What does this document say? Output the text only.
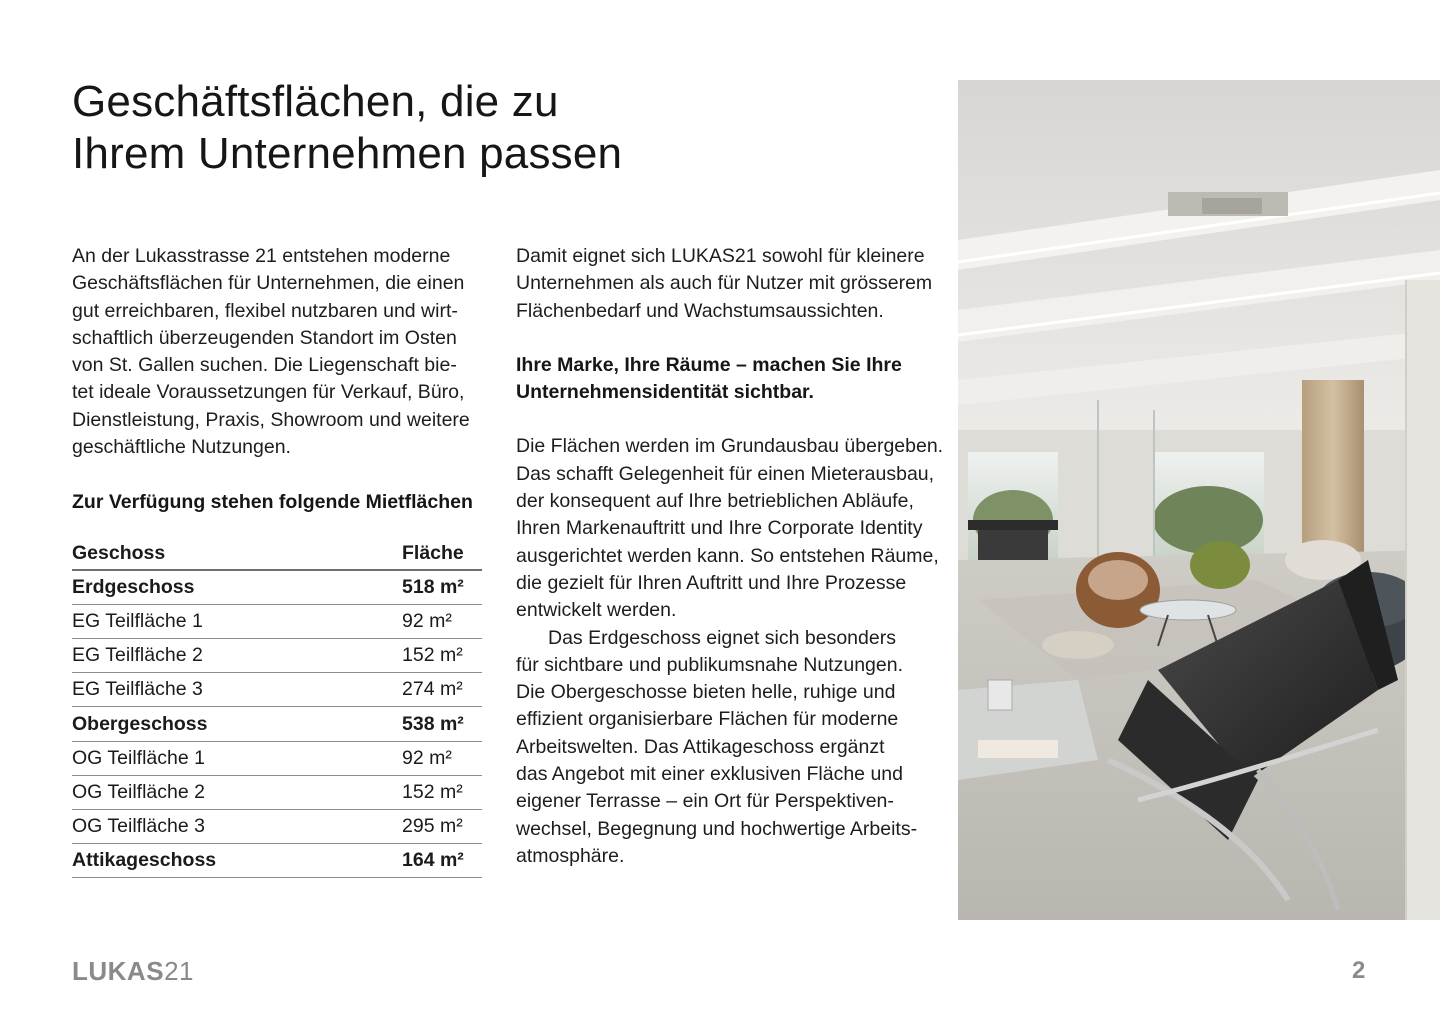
Geschäftsflächen, die zu
Ihrem Unternehmen passen

An der Lukasstrasse 21 entstehen moderne
Geschäftsflächen für Unternehmen, die einen
gut erreichbaren, flexibel nutzbaren und wirt-
schaftlich überzeugenden Standort im Osten
von St. Gallen suchen. Die Liegenschaft bie-
tet ideale Voraussetzungen für Verkauf, Büro,
Dienstleistung, Praxis, Showroom und weitere
geschäftliche Nutzungen.

Zur Verfügung stehen folgende Mietflächen
Geschoss	Fläche
Erdgeschoss	518 m²
EG Teilfläche 1	92 m²
EG Teilfläche 2	152 m²
EG Teilfläche 3	274 m²
Obergeschoss	538 m²
OG Teilfläche 1	92 m²
OG Teilfläche 2	152 m²
OG Teilfläche 3	295 m²
Attikageschoss	164 m²

Damit eignet sich LUKAS21 sowohl für kleinere
Unternehmen als auch für Nutzer mit grösserem
Flächenbedarf und Wachstumsaussichten.

Ihre Marke, Ihre Räume – machen Sie Ihre
Unternehmensidentität sichtbar.

Die Flächen werden im Grundausbau übergeben.
Das schafft Gelegenheit für einen Mieterausbau,
der konsequent auf Ihre betrieblichen Abläufe,
Ihren Markenauftritt und Ihre Corporate Identity
ausgerichtet werden kann. So entstehen Räume,
die gezielt für Ihren Auftritt und Ihre Prozesse
entwickelt werden.

Das Erdgeschoss eignet sich besonders
für sichtbare und publikumsnahe Nutzungen.
Die Obergeschosse bieten helle, ruhige und
effizient organisierbare Flächen für moderne
Arbeitswelten. Das Attikageschoss ergänzt
das Angebot mit einer exklusiven Fläche und
eigener Terrasse – ein Ort für Perspektiven-
wechsel, Begegnung und hochwertige Arbeits-
atmosphäre.

LUKAS21	2
